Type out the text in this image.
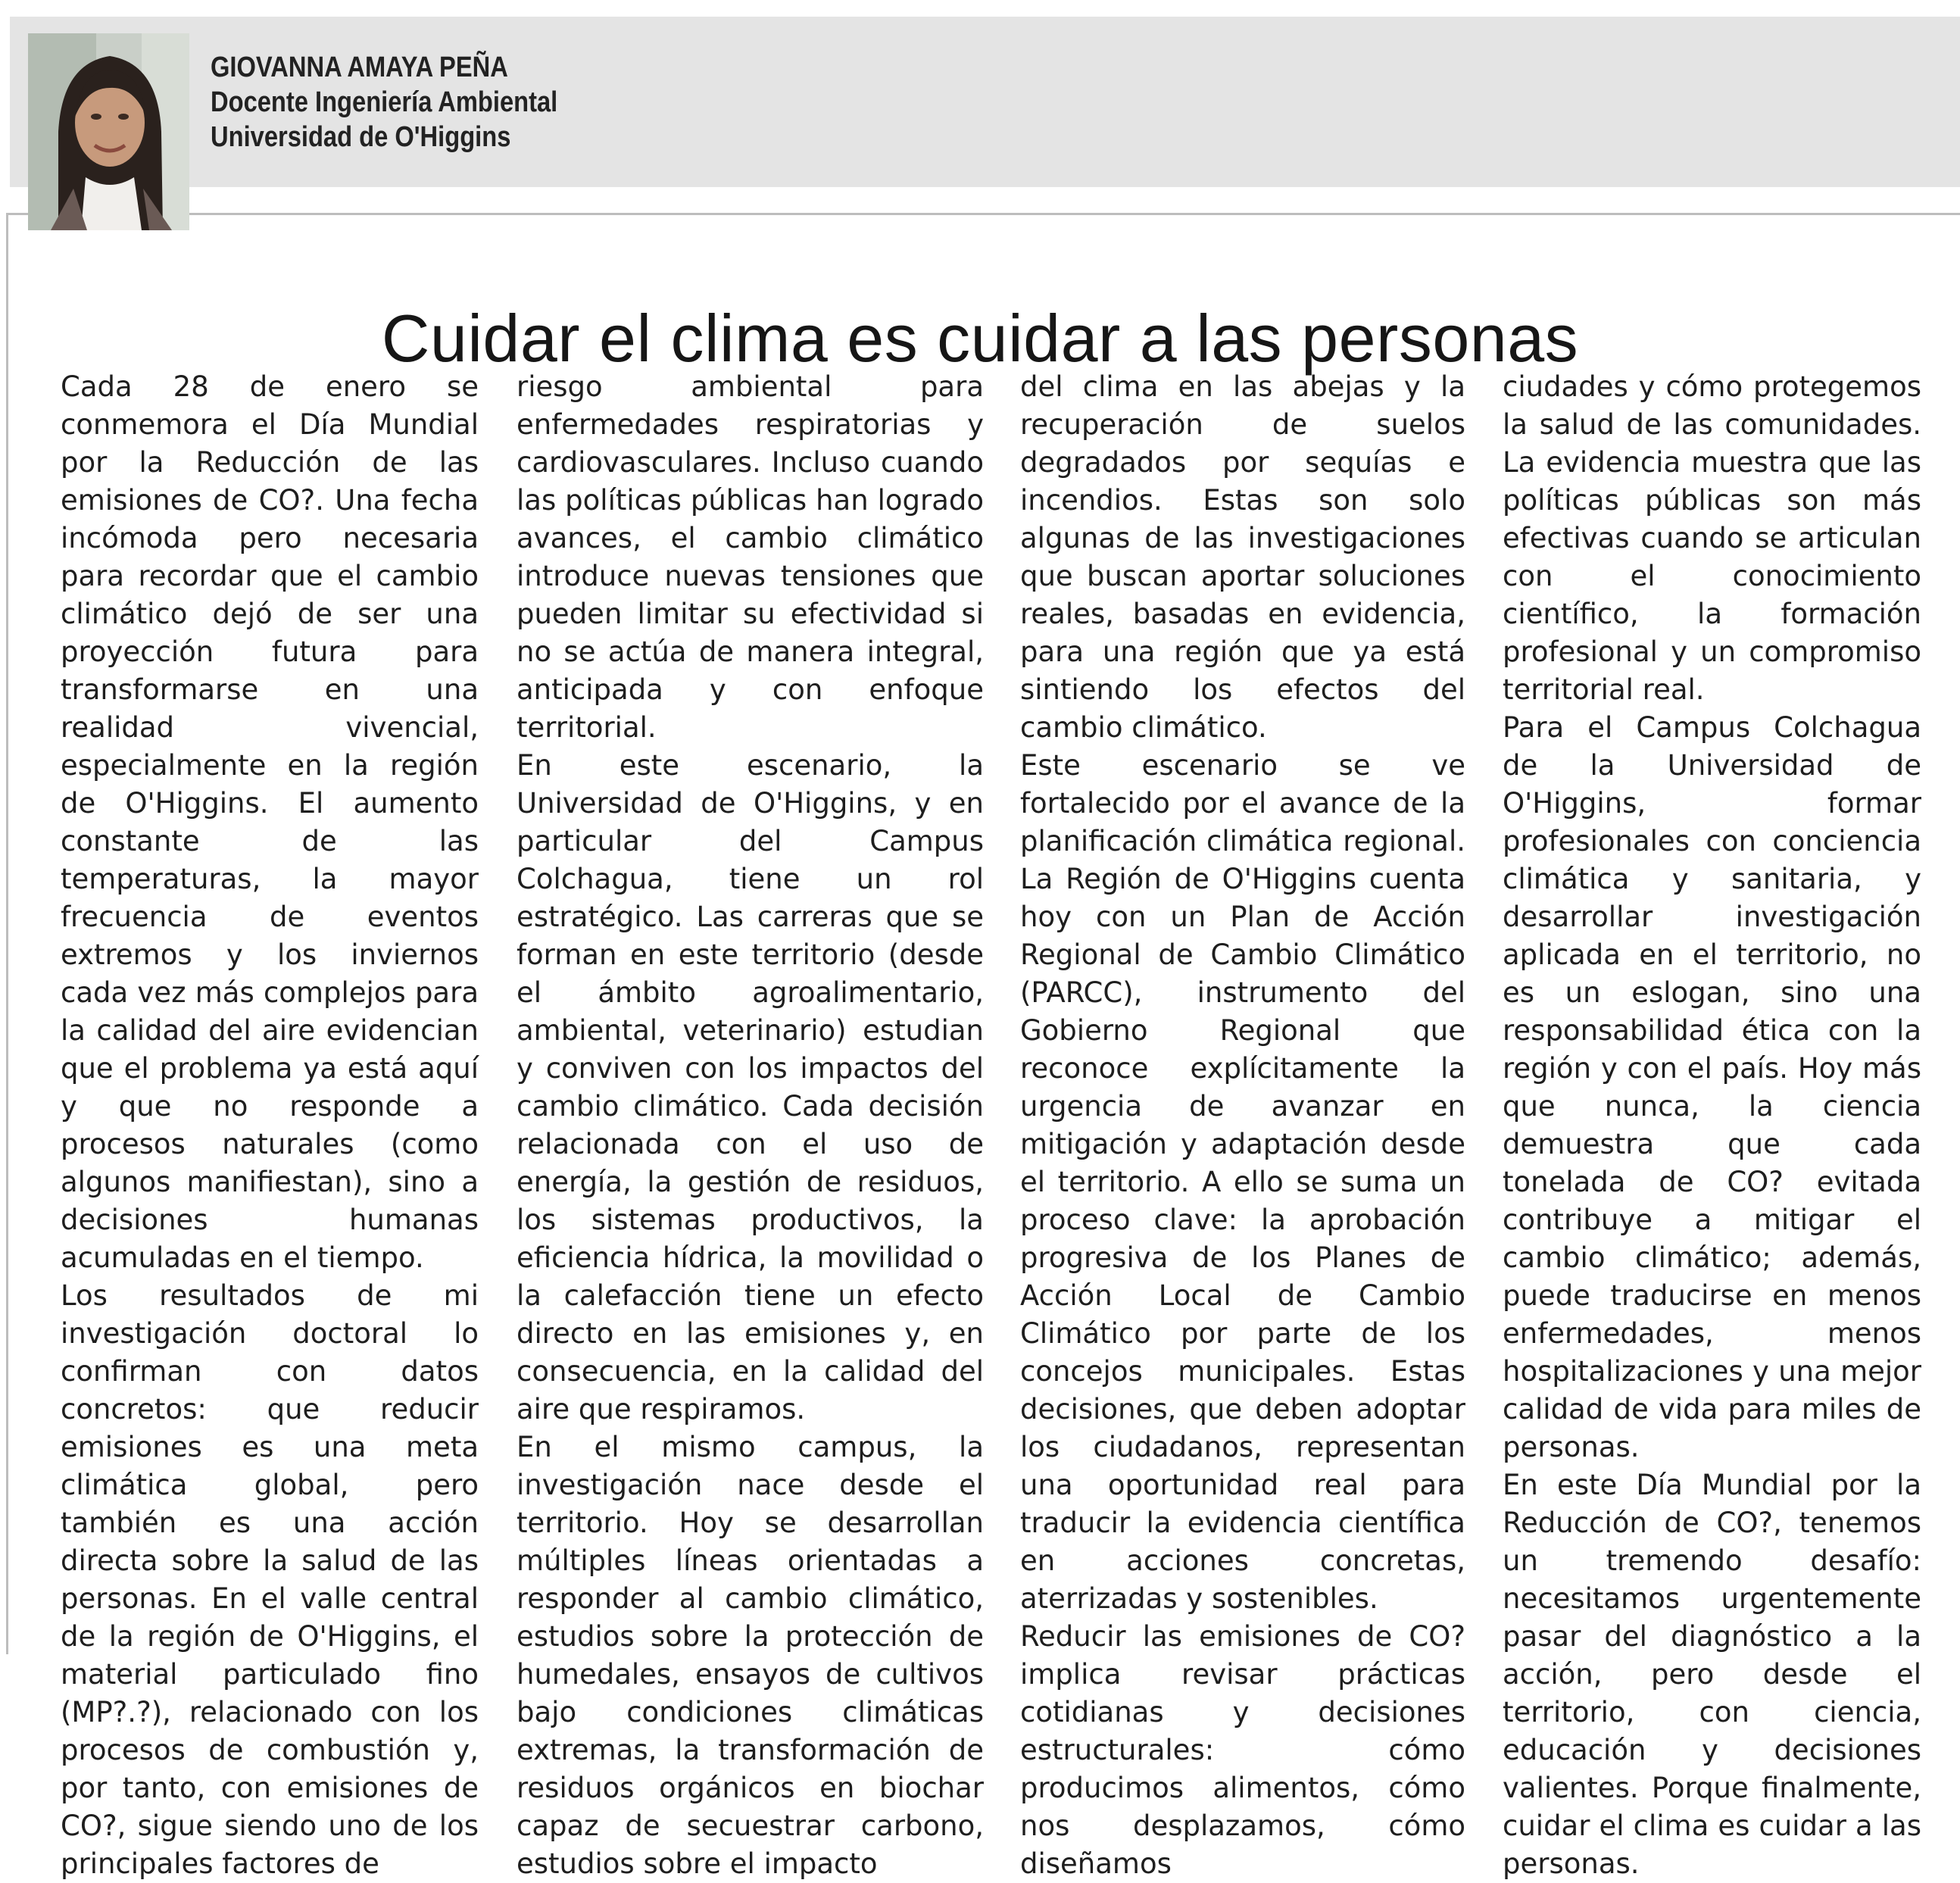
GIOVANNA AMAYA PEÑA
Docente Ingeniería Ambiental
Universidad de O'Higgins
Cuidar el clima es cuidar a las personas

Cada 28 de enero se conmemora el Día Mundial por la Reducción de las emisiones de CO?. Una fecha incómoda pero necesaria para recordar que el cambio climático dejó de ser una proyección futura para transformarse en una realidad vivencial, especialmente en la región de O'Higgins. El aumento constante de las temperaturas, la mayor frecuencia de eventos extremos y los inviernos cada vez más complejos para la calidad del aire evidencian que el problema ya está aquí y que no responde a procesos naturales (como algunos manifiestan), sino a decisiones humanas acumuladas en el tiempo.

Los resultados de mi investigación doctoral lo confirman con datos concretos: que reducir emisiones es una meta climática global, pero también es una acción directa sobre la salud de las personas. En el valle central de la región de O'Higgins, el material particulado fino (MP?.?), relacionado con los procesos de combustión y, por tanto, con emisiones de CO?, sigue siendo uno de los principales factores de

riesgo ambiental para enfermedades respiratorias y cardiovasculares. Incluso cuando las políticas públicas han logrado avances, el cambio climático introduce nuevas tensiones que pueden limitar su efectividad si no se actúa de manera integral, anticipada y con enfoque territorial.

En este escenario, la Universidad de O'Higgins, y en particular del Campus Colchagua, tiene un rol estratégico. Las carreras que se forman en este territorio (desde el ámbito agroalimentario, ambiental, veterinario) estudian y conviven con los impactos del cambio climático. Cada decisión relacionada con el uso de energía, la gestión de residuos, los sistemas productivos, la eficiencia hídrica, la movilidad o la calefacción tiene un efecto directo en las emisiones y, en consecuencia, en la calidad del aire que respiramos.

En el mismo campus, la investigación nace desde el territorio. Hoy se desarrollan múltiples líneas orientadas a responder al cambio climático, estudios sobre la protección de humedales, ensayos de cultivos bajo condiciones climáticas extremas, la transformación de residuos orgánicos en biochar capaz de secuestrar carbono, estudios sobre el impacto

del clima en las abejas y la recuperación de suelos degradados por sequías e incendios. Estas son solo algunas de las investigaciones que buscan aportar soluciones reales, basadas en evidencia, para una región que ya está sintiendo los efectos del cambio climático.

Este escenario se ve fortalecido por el avance de la planificación climática regional. La Región de O'Higgins cuenta hoy con un Plan de Acción Regional de Cambio Climático (PARCC), instrumento del Gobierno Regional que reconoce explícitamente la urgencia de avanzar en mitigación y adaptación desde el territorio. A ello se suma un proceso clave: la aprobación progresiva de los Planes de Acción Local de Cambio Climático por parte de los concejos municipales. Estas decisiones, que deben adoptar los ciudadanos, representan una oportunidad real para traducir la evidencia científica en acciones concretas, aterrizadas y sostenibles.

Reducir las emisiones de CO? implica revisar prácticas cotidianas y decisiones estructurales: cómo producimos alimentos, cómo nos desplazamos, cómo diseñamos

ciudades y cómo protegemos la salud de las comunidades. La evidencia muestra que las políticas públicas son más efectivas cuando se articulan con el conocimiento científico, la formación profesional y un compromiso territorial real.

Para el Campus Colchagua de la Universidad de O'Higgins, formar profesionales con conciencia climática y sanitaria, y desarrollar investigación aplicada en el territorio, no es un eslogan, sino una responsabilidad ética con la región y con el país. Hoy más que nunca, la ciencia demuestra que cada tonelada de CO? evitada contribuye a mitigar el cambio climático; además, puede traducirse en menos enfermedades, menos hospitalizaciones y una mejor calidad de vida para miles de personas.

En este Día Mundial por la Reducción de CO?, tenemos un tremendo desafío: necesitamos urgentemente pasar del diagnóstico a la acción, pero desde el territorio, con ciencia, educación y decisiones valientes. Porque finalmente, cuidar el clima es cuidar a las personas.
